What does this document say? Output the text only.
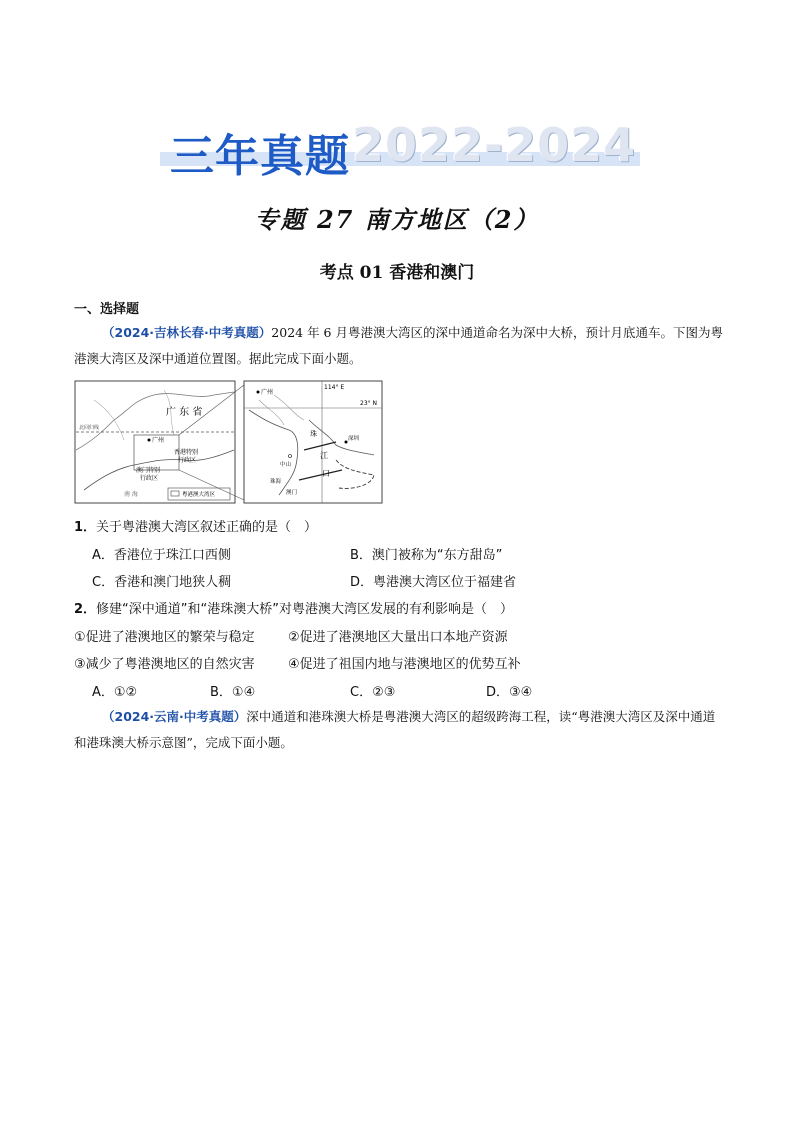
三年真题 2022-2024
专题 27 南方地区（2）
考点 01 香港和澳门
一、选择题
（2024·吉林长春·中考真题）2024 年 6 月粤港澳大湾区的深中通道命名为深中大桥，预计月底通车。下图为粤港澳大湾区及深中通道位置图。据此完成下面小题。
广 东 省
北回归线
广州
香港特别
行政区
澳门特别
行政区
南 海	粤港澳大湾区
114° E
23° N
广州
珠
江
口
深圳
中山
珠海
澳门
1．关于粤港澳大湾区叙述正确的是（　）
A．香港位于珠江口西侧	B．澳门被称为“东方甜岛”
C．香港和澳门地狭人稠	D．粤港澳大湾区位于福建省
2．修建“深中通道”和“港珠澳大桥”对粤港澳大湾区发展的有利影响是（　）
①促进了港澳地区的繁荣与稳定	②促进了港澳地区大量出口本地产资源
③减少了粤港澳地区的自然灾害	④促进了祖国内地与港澳地区的优势互补
A．①②	B．①④	C．②③	D．③④
（2024·云南·中考真题）深中通道和港珠澳大桥是粤港澳大湾区的超级跨海工程，读“粤港澳大湾区及深中通道和港珠澳大桥示意图”，完成下面小题。
